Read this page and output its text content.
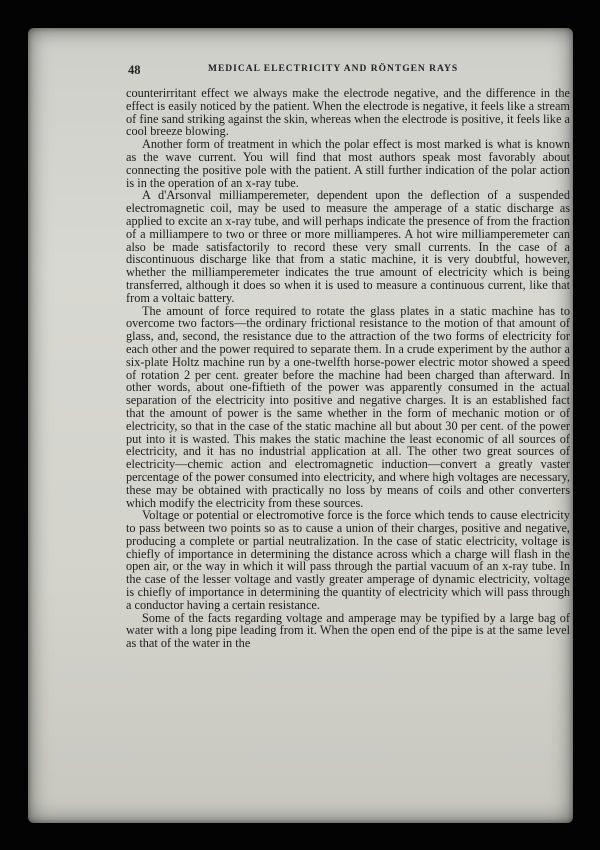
48	MEDICAL ELECTRICITY AND RÖNTGEN RAYS

counterirritant effect we always make the electrode negative, and the difference in the effect is easily noticed by the patient. When the electrode is negative, it feels like a stream of fine sand striking against the skin, whereas when the electrode is positive, it feels like a cool breeze blowing.

Another form of treatment in which the polar effect is most marked is what is known as the wave current. You will find that most authors speak most favorably about connecting the positive pole with the patient. A still further indication of the polar action is in the operation of an x-ray tube.

A d'Arsonval milliamperemeter, dependent upon the deflection of a suspended electromagnetic coil, may be used to measure the amperage of a static discharge as applied to excite an x-ray tube, and will perhaps indicate the presence of from the fraction of a milliampere to two or three or more milliamperes. A hot wire milliamperemeter can also be made satisfactorily to record these very small currents. In the case of a discontinuous discharge like that from a static machine, it is very doubtful, however, whether the milliamperemeter indicates the true amount of electricity which is being transferred, although it does so when it is used to measure a continuous current, like that from a voltaic battery.

The amount of force required to rotate the glass plates in a static machine has to overcome two factors—the ordinary frictional resistance to the motion of that amount of glass, and, second, the resistance due to the attraction of the two forms of electricity for each other and the power required to separate them. In a crude experiment by the author a six-plate Holtz machine run by a one-twelfth horse-power electric motor showed a speed of rotation 2 per cent. greater before the machine had been charged than afterward. In other words, about one-fiftieth of the power was apparently consumed in the actual separation of the electricity into positive and negative charges. It is an established fact that the amount of power is the same whether in the form of mechanic motion or of electricity, so that in the case of the static machine all but about 30 per cent. of the power put into it is wasted. This makes the static machine the least economic of all sources of electricity, and it has no industrial application at all. The other two great sources of electricity—chemic action and electromagnetic induction—convert a greatly vaster percentage of the power consumed into electricity, and where high voltages are necessary, these may be obtained with practically no loss by means of coils and other converters which modify the electricity from these sources.

Voltage or potential or electromotive force is the force which tends to cause electricity to pass between two points so as to cause a union of their charges, positive and negative, producing a complete or partial neutralization. In the case of static electricity, voltage is chiefly of importance in determining the distance across which a charge will flash in the open air, or the way in which it will pass through the partial vacuum of an x-ray tube. In the case of the lesser voltage and vastly greater amperage of dynamic electricity, voltage is chiefly of importance in determining the quantity of electricity which will pass through a conductor having a certain resistance.

Some of the facts regarding voltage and amperage may be typified by a large bag of water with a long pipe leading from it. When the open end of the pipe is at the same level as that of the water in the
